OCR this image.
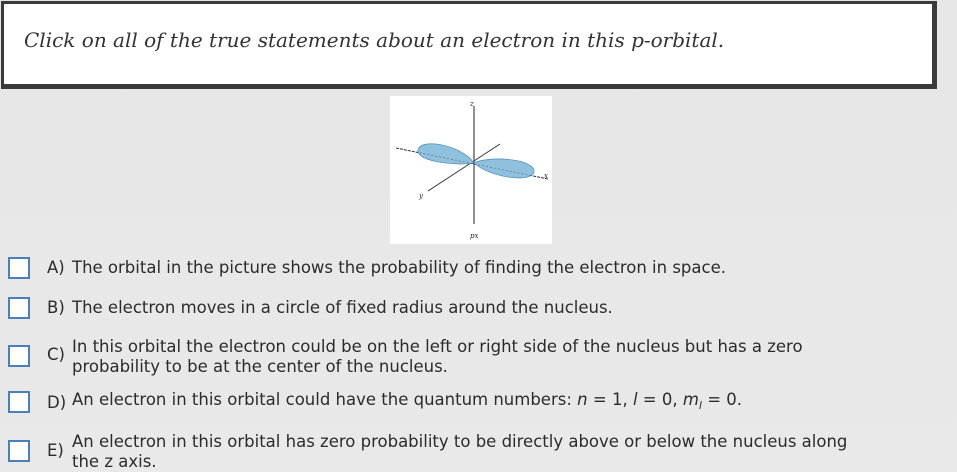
Click on all of the true statements about an electron in this p-orbital.
z
x
y
px
A) The orbital in the picture shows the probability of finding the electron in space.
B) The electron moves in a circle of fixed radius around the nucleus.
C) In this orbital the electron could be on the left or right side of the nucleus but has a zero
probability to be at the center of the nucleus.
D) An electron in this orbital could have the quantum numbers: n = 1, l = 0, $m_l = 0$.
E) An electron in this orbital has zero probability to be directly above or below the nucleus along
the z axis.
